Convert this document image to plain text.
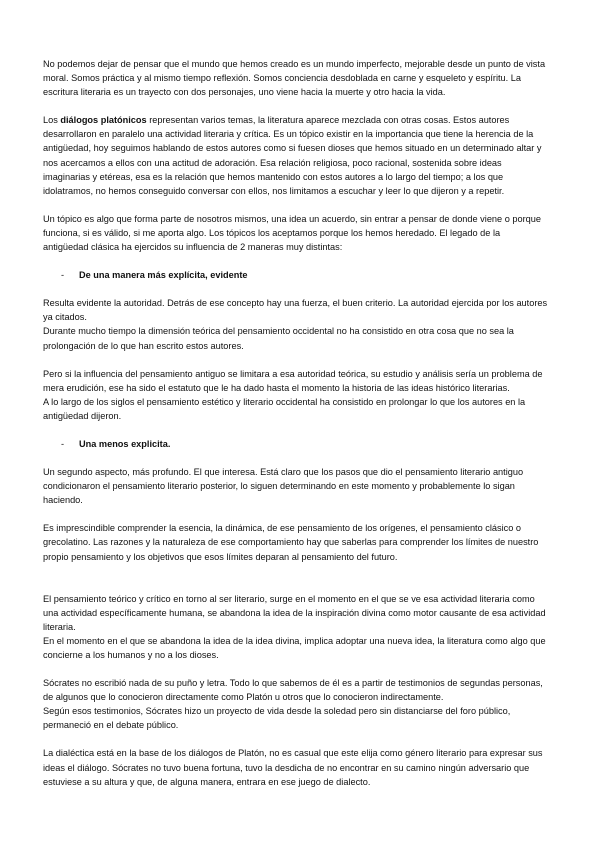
No podemos dejar de pensar que el mundo que hemos creado es un mundo imperfecto, mejorable desde un punto de vista moral. Somos práctica y al mismo tiempo reflexión. Somos conciencia desdoblada en carne y esqueleto y espíritu. La escritura literaria es un trayecto con dos personajes, uno viene hacia la muerte y otro hacia la vida.

Los diálogos platónicos representan varios temas, la literatura aparece mezclada con otras cosas. Estos autores desarrollaron en paralelo una actividad literaria y crítica. Es un tópico existir en la importancia que tiene la herencia de la antigüedad, hoy seguimos hablando de estos autores como si fuesen dioses que hemos situado en un determinado altar y nos acercamos a ellos con una actitud de adoración. Esa relación religiosa, poco racional, sostenida sobre ideas imaginarias y etéreas, esa es la relación que hemos mantenido con estos autores a lo largo del tiempo; a los que idolatramos, no hemos conseguido conversar con ellos, nos limitamos a escuchar y leer lo que dijeron y a repetir.

Un tópico es algo que forma parte de nosotros mismos, una idea un acuerdo, sin entrar a pensar de donde viene o porque funciona, si es válido, si me aporta algo. Los tópicos los aceptamos porque los hemos heredado. El legado de la antigüedad clásica ha ejercidos su influencia de 2 maneras muy distintas:

-	De una manera más explícita, evidente

Resulta evidente la autoridad. Detrás de ese concepto hay una fuerza, el buen criterio. La autoridad ejercida por los autores ya citados.

Durante mucho tiempo la dimensión teórica del pensamiento occidental no ha consistido en otra cosa que no sea la prolongación de lo que han escrito estos autores.

Pero si la influencia del pensamiento antiguo se limitara a esa autoridad teórica, su estudio y análisis sería un problema de mera erudición, ese ha sido el estatuto que le ha dado hasta el momento la historia de las ideas histórico literarias.

A lo largo de los siglos el pensamiento estético y literario occidental ha consistido en prolongar lo que los autores en la antigüedad dijeron.

-	Una menos explicita.

Un segundo aspecto, más profundo. El que interesa. Está claro que los pasos que dio el pensamiento literario antiguo condicionaron el pensamiento literario posterior, lo siguen determinando en este momento y probablemente lo sigan haciendo.

Es imprescindible comprender la esencia, la dinámica, de ese pensamiento de los orígenes, el pensamiento clásico o grecolatino. Las razones y la naturaleza de ese comportamiento hay que saberlas para comprender los límites de nuestro propio pensamiento y los objetivos que esos límites deparan al pensamiento del futuro.

El pensamiento teórico y crítico en torno al ser literario, surge en el momento en el que se ve esa actividad literaria como una actividad específicamente humana, se abandona la idea de la inspiración divina como motor causante de esa actividad literaria.

En el momento en el que se abandona la idea de la idea divina, implica adoptar una nueva idea, la literatura como algo que concierne a los humanos y no a los dioses.

Sócrates no escribió nada de su puño y letra. Todo lo que sabemos de él es a partir de testimonios de segundas personas, de algunos que lo conocieron directamente como Platón u otros que lo conocieron indirectamente.

Según esos testimonios, Sócrates hizo un proyecto de vida desde la soledad pero sin distanciarse del foro público, permaneció en el debate público.

La dialéctica está en la base de los diálogos de Platón, no es casual que este elija como género literario para expresar sus ideas el diálogo. Sócrates no tuvo buena fortuna, tuvo la desdicha de no encontrar en su camino ningún adversario que estuviese a su altura y que, de alguna manera, entrara en ese juego de dialecto.
